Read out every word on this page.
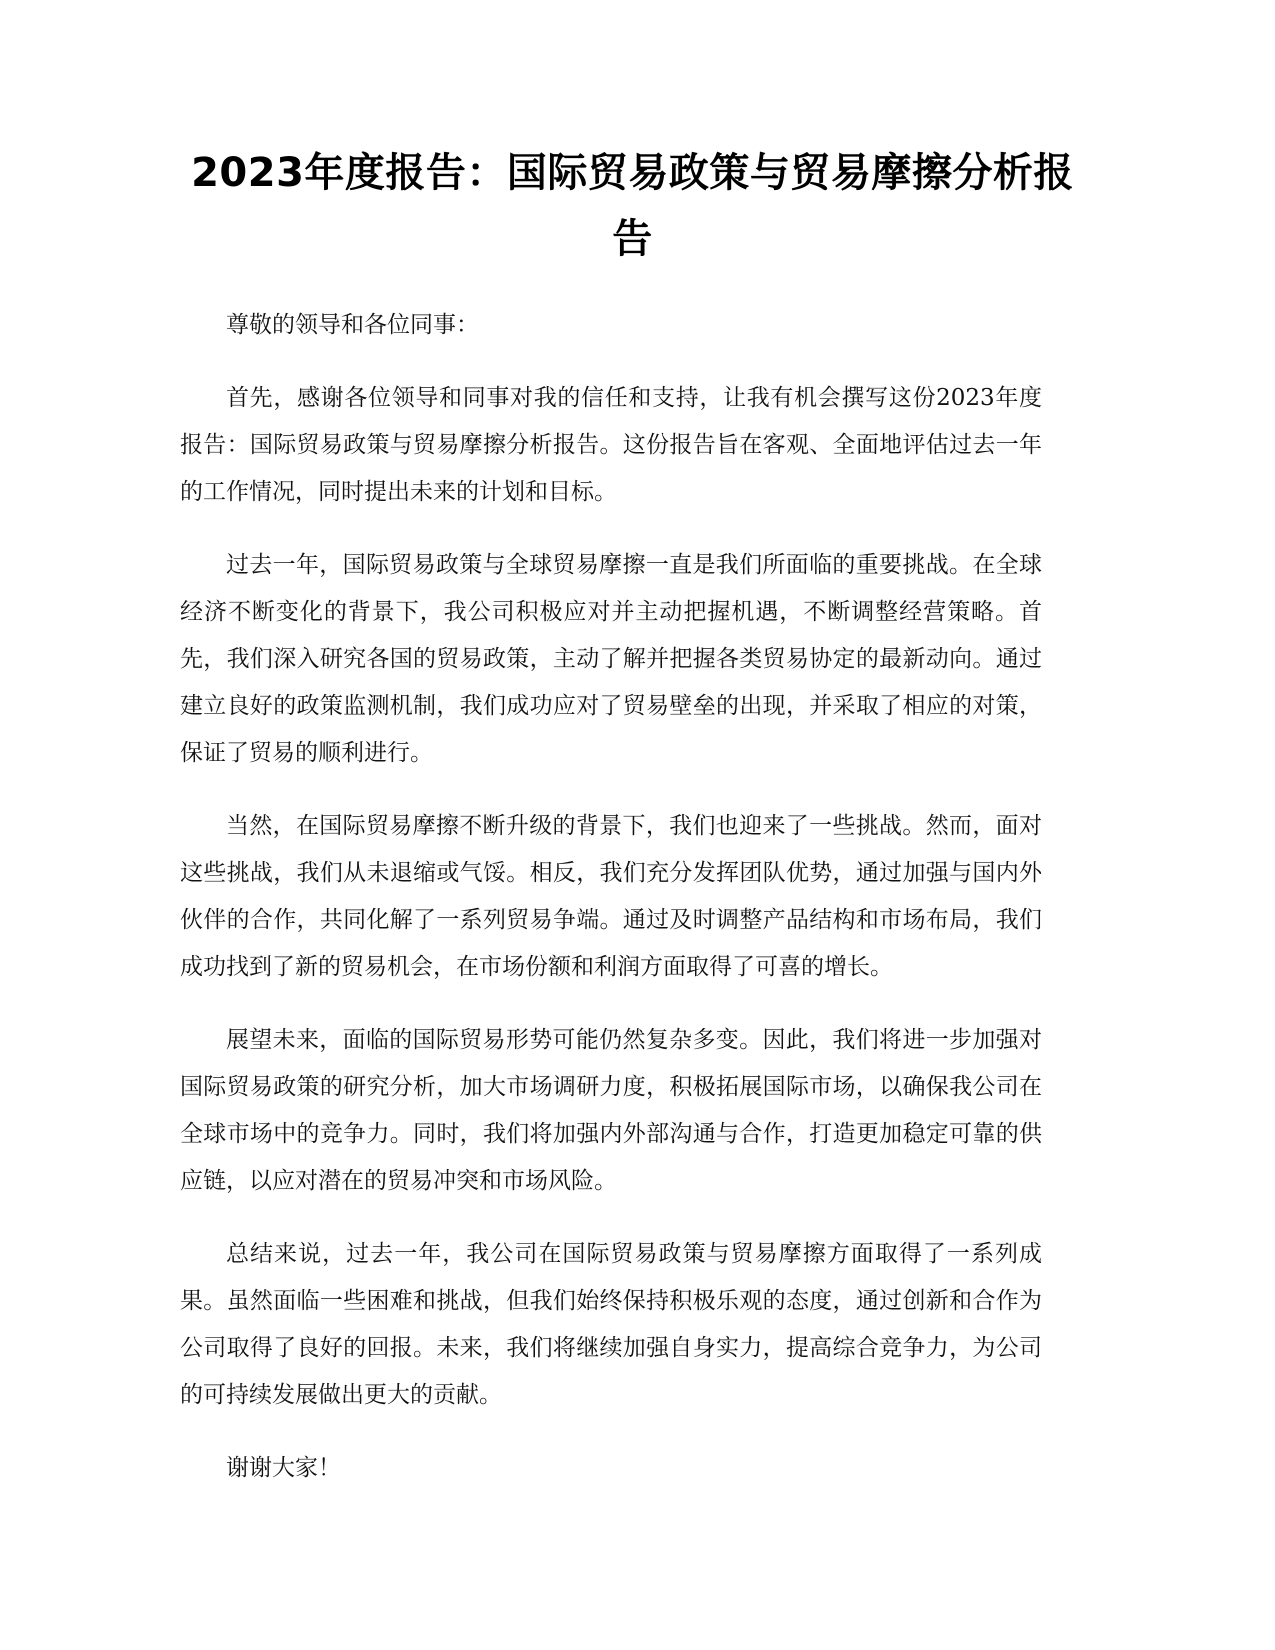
2023年度报告：国际贸易政策与贸易摩擦分析报告

尊敬的领导和各位同事：

首先，感谢各位领导和同事对我的信任和支持，让我有机会撰写这份2023年度报告：国际贸易政策与贸易摩擦分析报告。这份报告旨在客观、全面地评估过去一年的工作情况，同时提出未来的计划和目标。

过去一年，国际贸易政策与全球贸易摩擦一直是我们所面临的重要挑战。在全球经济不断变化的背景下，我公司积极应对并主动把握机遇，不断调整经营策略。首先，我们深入研究各国的贸易政策，主动了解并把握各类贸易协定的最新动向。通过建立良好的政策监测机制，我们成功应对了贸易壁垒的出现，并采取了相应的对策，保证了贸易的顺利进行。

当然，在国际贸易摩擦不断升级的背景下，我们也迎来了一些挑战。然而，面对这些挑战，我们从未退缩或气馁。相反，我们充分发挥团队优势，通过加强与国内外伙伴的合作，共同化解了一系列贸易争端。通过及时调整产品结构和市场布局，我们成功找到了新的贸易机会，在市场份额和利润方面取得了可喜的增长。

展望未来，面临的国际贸易形势可能仍然复杂多变。因此，我们将进一步加强对国际贸易政策的研究分析，加大市场调研力度，积极拓展国际市场，以确保我公司在全球市场中的竞争力。同时，我们将加强内外部沟通与合作，打造更加稳定可靠的供应链，以应对潜在的贸易冲突和市场风险。

总结来说，过去一年，我公司在国际贸易政策与贸易摩擦方面取得了一系列成果。虽然面临一些困难和挑战，但我们始终保持积极乐观的态度，通过创新和合作为公司取得了良好的回报。未来，我们将继续加强自身实力，提高综合竞争力，为公司的可持续发展做出更大的贡献。

谢谢大家！
